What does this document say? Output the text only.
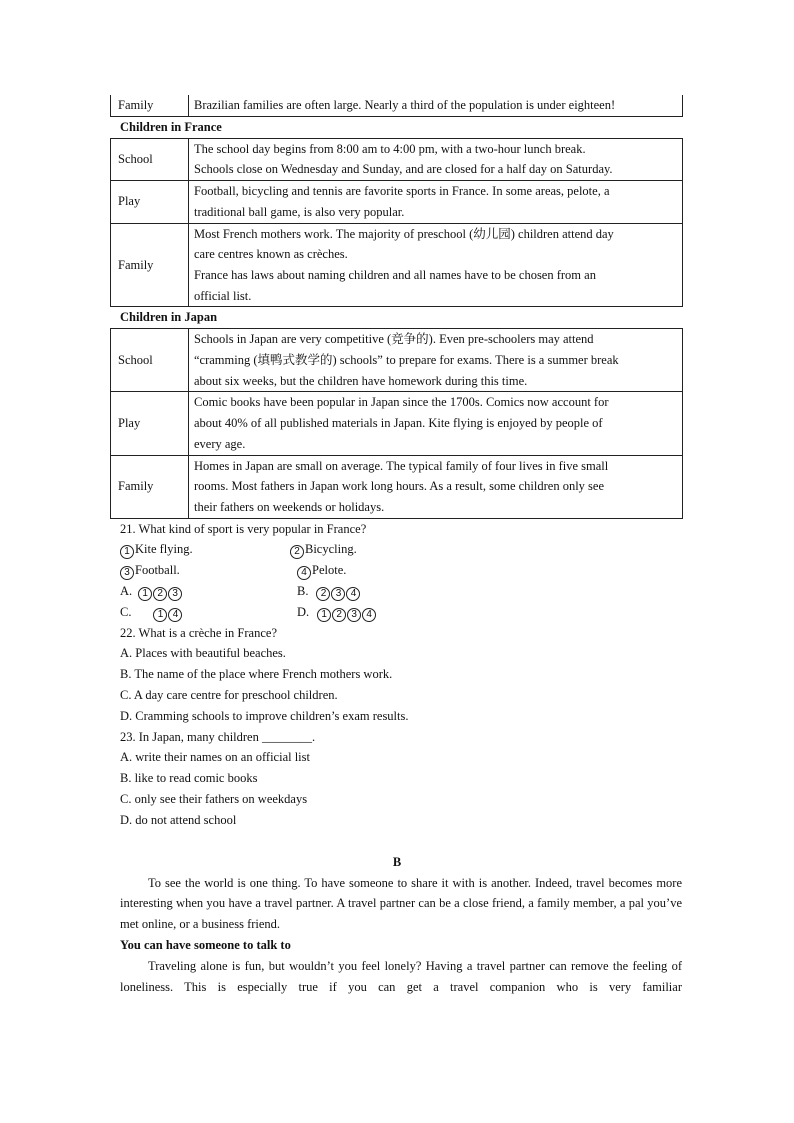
Family	Brazilian families are often large. Nearly a third of the population is under eighteen!
Children in France
School	The school day begins from 8:00 am to 4:00 pm, with a two-hour lunch break.
Schools close on Wednesday and Sunday, and are closed for a half day on Saturday.

Play	Football, bicycling and tennis are favorite sports in France. In some areas, pelote, a
traditional ball game, is also very popular.

Family	Most French mothers work. The majority of preschool (幼儿园) children attend day
care centres known as crèches.
France has laws about naming children and all names have to be chosen from an
official list.
Children in Japan
School	Schools in Japan are very competitive (竞争的). Even pre-schoolers may attend
“cramming (填鸭式教学的) schools” to prepare for exams. There is a summer break
about six weeks, but the children have homework during this time.

Play	Comic books have been popular in Japan since the 1700s. Comics now account for
about 40% of all published materials in Japan. Kite flying is enjoyed by people of
every age.

Family	Homes in Japan are small on average. The typical family of four lives in five small
rooms. Most fathers in Japan work long hours. As a result, some children only see
their fathers on weekends or holidays.
21. What kind of sport is very popular in France?
1 Kite flying.	2 Bicycling.
3 Football.	4 Pelote.
A. 1 2 3	B. 2 3 4
C.	1 4	D. 1 2 3 4
22. What is a crèche in France?
A. Places with beautiful beaches.
B. The name of the place where French mothers work.
C. A day care centre for preschool children.
D. Cramming schools to improve children’s exam results.
23. In Japan, many children ________.
A. write their names on an official list
B. like to read comic books
C. only see their fathers on weekdays
D. do not attend school
B
To see the world is one thing. To have someone to share it with is another. Indeed, travel becomes more interesting when you have a travel partner. A travel partner can be a close friend, a family member, a pal you’ve met online, or a business friend.
You can have someone to talk to
Traveling alone is fun, but wouldn’t you feel lonely? Having a travel partner can remove the feeling of loneliness. This is especially true if you can get a travel companion who is very familiar
